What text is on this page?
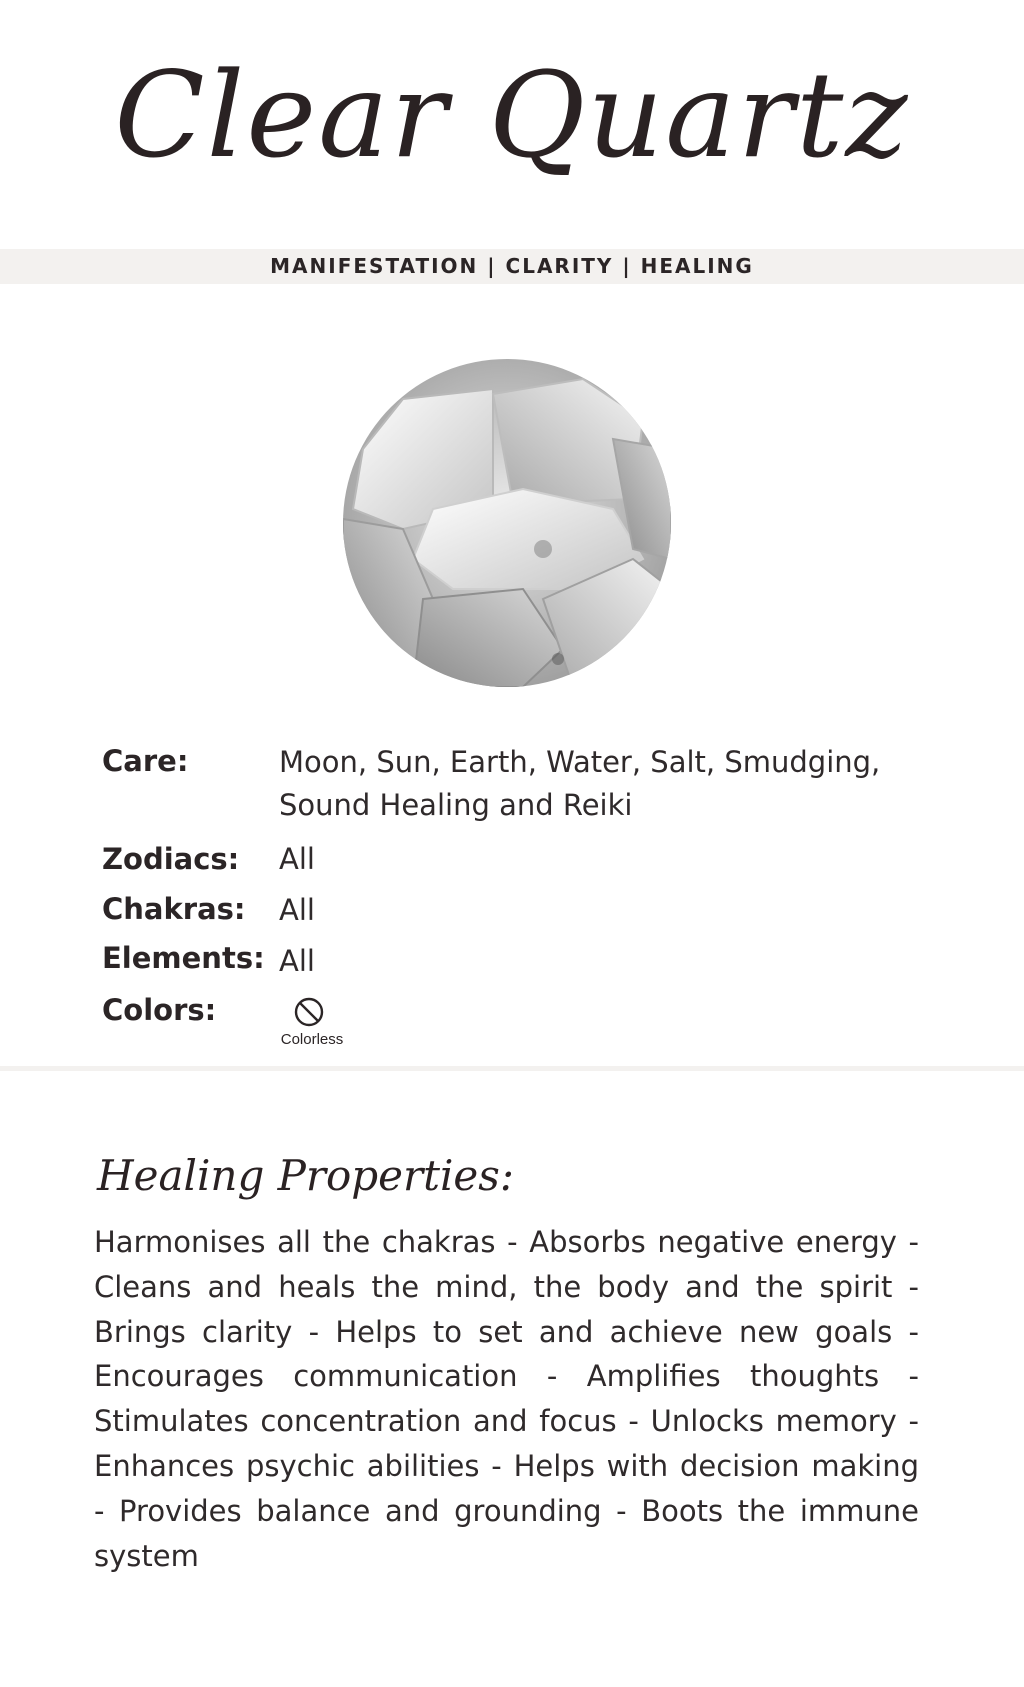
Clear Quartz
MANIFESTATION | CLARITY | HEALING
Care:	Moon, Sun, Earth, Water, Salt, Smudging, Sound Healing and Reiki
Zodiacs: All
Chakras: All
Elements: All
Colors:
Colorless
Healing Properties:
Harmonises all the chakras - Absorbs negative energy - Cleans and heals the mind, the body and the spirit - Brings clarity - Helps to set and achieve new goals - Encourages communication - Amplifies thoughts - Stimulates concentration and focus - Unlocks memory - Enhances psychic abilities - Helps with decision making - Provides balance and grounding - Boots the immune system
